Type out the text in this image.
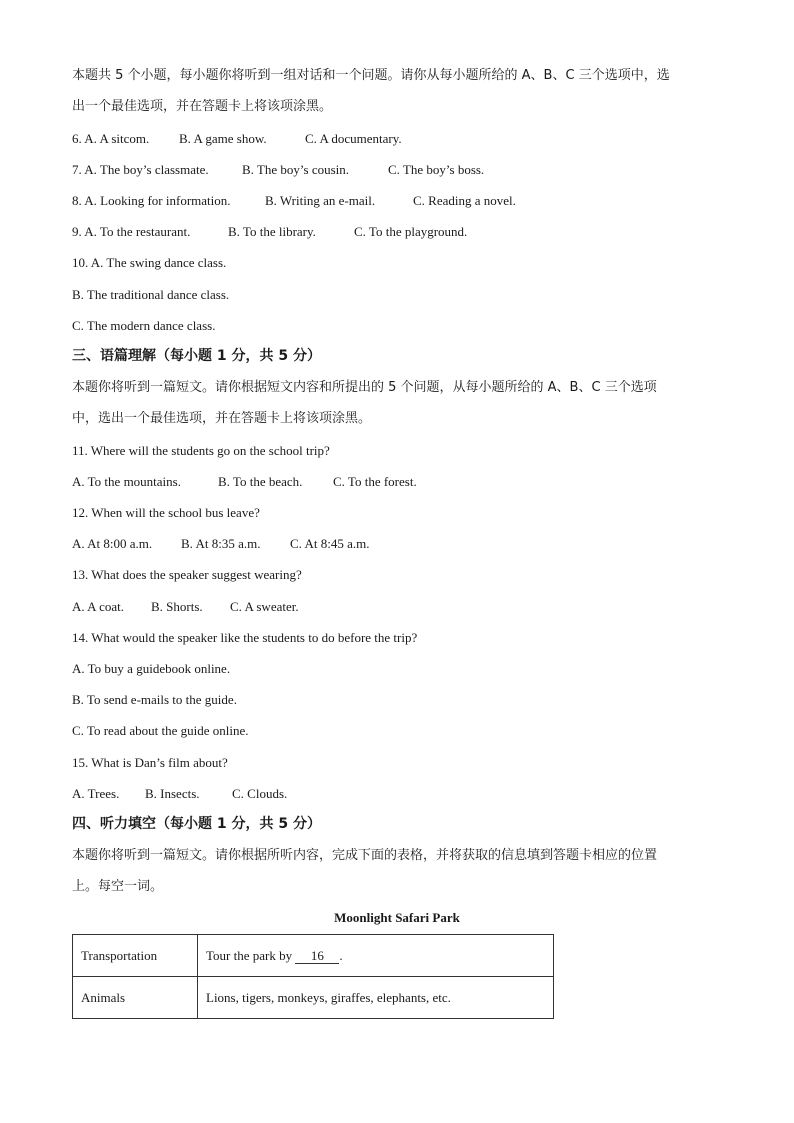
本题共 5 个小题，每小题你将听到一组对话和一个问题。请你从每小题所给的 A、B、C 三个选项中，选
出一个最佳选项，并在答题卡上将该项涂黑。
6. A. A sitcom. B. A game show.	C. A documentary.
7. A. The boy’s classmate.	B. The boy’s cousin.	C. The boy’s boss.
8. A. Looking for information.	B. Writing an e-mail.	C. Reading a novel.
9. A. To the restaurant.	B. To the library.	C. To the playground.
10. A. The swing dance class.
B. The traditional dance class.
C. The modern dance class.
三、语篇理解（每小题 1 分，共 5 分）
本题你将听到一篇短文。请你根据短文内容和所提出的 5 个问题，从每小题所给的 A、B、C 三个选项
中，选出一个最佳选项，并在答题卡上将该项涂黑。
11. Where will the students go on the school trip?
A. To the mountains.	B. To the beach. C. To the forest.
12. When will the school bus leave?
A. At 8:00 a.m. B. At 8:35 a.m. C. At 8:45 a.m.
13. What does the speaker suggest wearing?
A. A coat. B. Shorts. C. A sweater.
14. What would the speaker like the students to do before the trip?
A. To buy a guidebook online.
B. To send e-mails to the guide.
C. To read about the guide online.
15. What is Dan’s film about?
A. Trees. B. Insects. C. Clouds.
四、听力填空（每小题 1 分，共 5 分）
本题你将听到一篇短文。请你根据所听内容，完成下面的表格，并将获取的信息填到答题卡相应的位置
上。每空一词。
Moonlight Safari Park
Transportation	Tour the park by 16 .
Animals	Lions, tigers, monkeys, giraffes, elephants, etc.
